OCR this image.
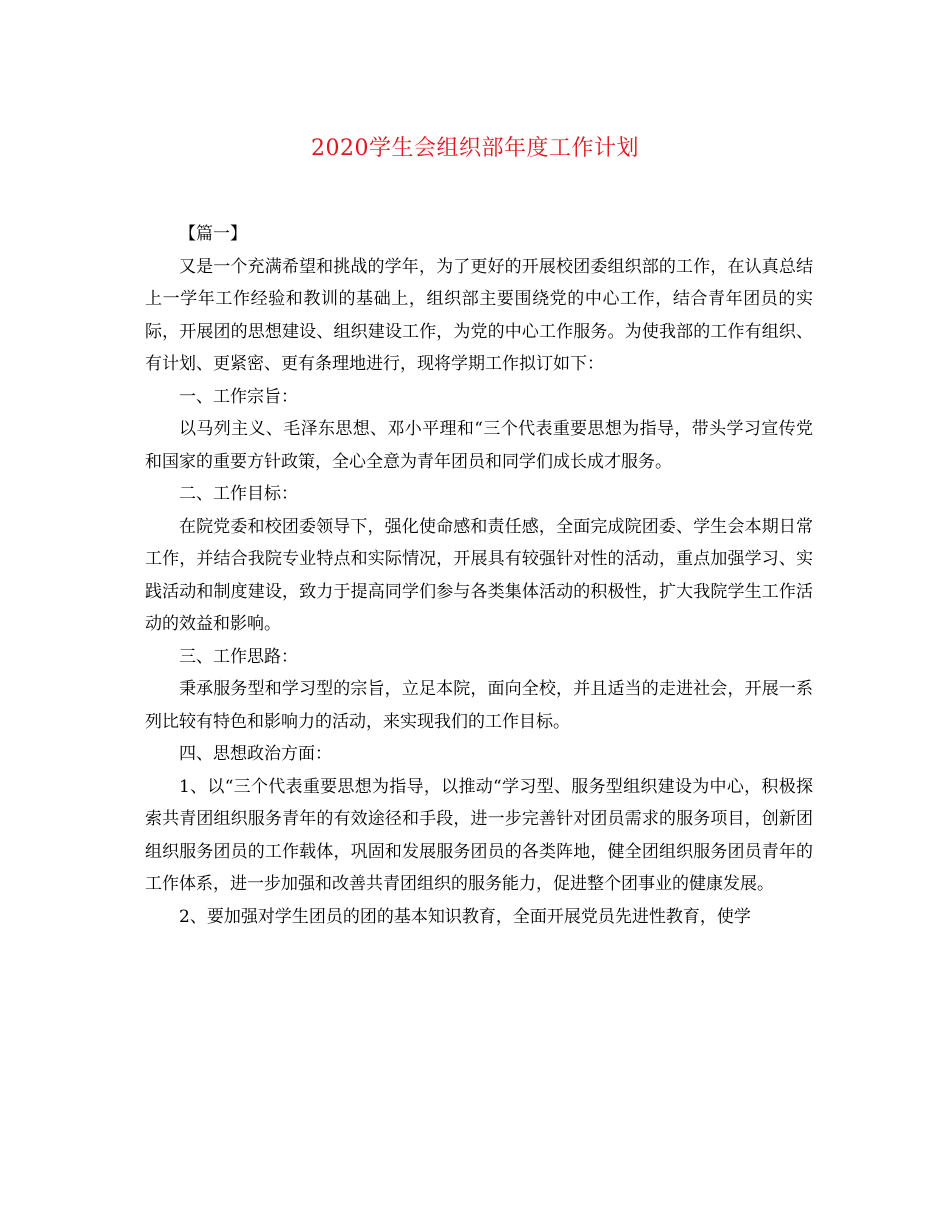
2020学生会组织部年度工作计划

【篇一】

又是一个充满希望和挑战的学年，为了更好的开展校团委组织部的工作，在认真总结上一学年工作经验和教训的基础上，组织部主要围绕党的中心工作，结合青年团员的实际，开展团的思想建设、组织建设工作，为党的中心工作服务。为使我部的工作有组织、有计划、更紧密、更有条理地进行，现将学期工作拟订如下：

一、工作宗旨：

以马列主义、毛泽东思想、邓小平理和“三个代表重要思想为指导，带头学习宣传党和国家的重要方针政策，全心全意为青年团员和同学们成长成才服务。

二、工作目标：

在院党委和校团委领导下，强化使命感和责任感，全面完成院团委、学生会本期日常工作，并结合我院专业特点和实际情况，开展具有较强针对性的活动，重点加强学习、实践活动和制度建设，致力于提高同学们参与各类集体活动的积极性，扩大我院学生工作活动的效益和影响。

三、工作思路：

秉承服务型和学习型的宗旨，立足本院，面向全校，并且适当的走进社会，开展一系列比较有特色和影响力的活动，来实现我们的工作目标。

四、思想政治方面：

1、以“三个代表重要思想为指导，以推动“学习型、服务型组织建设为中心，积极探索共青团组织服务青年的有效途径和手段，进一步完善针对团员需求的服务项目，创新团组织服务团员的工作载体，巩固和发展服务团员的各类阵地，健全团组织服务团员青年的工作体系，进一步加强和改善共青团组织的服务能力，促进整个团事业的健康发展。

2、要加强对学生团员的团的基本知识教育，全面开展党员先进性教育，使学
